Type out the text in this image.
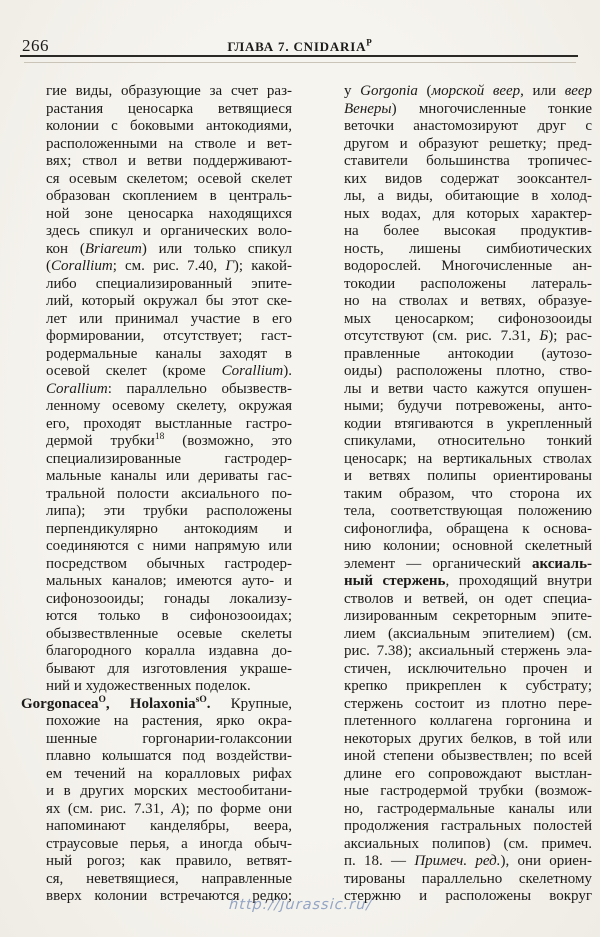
266	ГЛАВА 7. $CNIDARIA^P$
гие виды, образующие за счет раз-
растания ценосарка ветвящиеся
колонии с боковыми антокодиями,
расположенными на стволе и вет-
вях; ствол и ветви поддерживают-
ся осевым скелетом; осевой скелет
образован скоплением в централь-
ной зоне ценосарка находящихся
здесь спикул и органических воло-
кон (Briareum) или только спикул
(Corallium; см. рис. 7.40, Г); какой-
либо специализированный эпите-
лий, который окружал бы этот ске-
лет или принимал участие в его
формировании, отсутствует; гаст-
родермальные каналы заходят в
осевой скелет (кроме Corallium).
Corallium: параллельно обызвеств-
ленному осевому скелету, окружая
его, проходят выстланные гастро-
дермой трубки$^{18}$ (возможно, это
специализированные гастродер-
мальные каналы или дериваты гас-
тральной полости аксиального по-
липа); эти трубки расположены
перпендикулярно антокодиям и
соединяются с ними напрямую или
посредством обычных гастродер-
мальных каналов; имеются ауто- и
сифонозооиды; гонады локализу-
ются только в сифонозооидах;
обызвествленные осевые скелеты
благородного коралла издавна до-
бывают для изготовления украше-
ний и художественных поделок.
Gorgonacea$^O$, Holaxonia$^{sO}$. Крупные,
похожие на растения, ярко окра-
шенные горгонарии-голаксонии
плавно колышатся под воздействи-
ем течений на коралловых рифах
и в других морских местообитани-
ях (см. рис. 7.31, А); по форме они
напоминают канделябры, веера,
страусовые перья, а иногда обыч-
ный рогоз; как правило, ветвят-
ся, неветвящиеся, направленные
вверх колонии встречаются редко;
у Gorgonia (морской веер, или веер
Венеры) многочисленные тонкие
веточки анастомозируют друг с
другом и образуют решетку; пред-
ставители большинства тропичес-
ких видов содержат зооксантел-
лы, а виды, обитающие в холод-
ных водах, для которых характер-
на более высокая продуктив-
ность, лишены симбиотических
водорослей. Многочисленные ан-
токодии расположены латераль-
но на стволах и ветвях, образуе-
мых ценосарком; сифонозооиды
отсутствуют (см. рис. 7.31, Б); рас-
правленные антокодии (аутозо-
оиды) расположены плотно, ство-
лы и ветви часто кажутся опушен-
ными; будучи потревожены, анто-
кодии втягиваются в укрепленный
спикулами, относительно тонкий
ценосарк; на вертикальных стволах
и ветвях полипы ориентированы
таким образом, что сторона их
тела, соответствующая положению
сифоноглифа, обращена к основа-
нию колонии; основной скелетный
элемент — органический аксиаль-
ный стержень, проходящий внутри
стволов и ветвей, он одет специа-
лизированным секреторным эпите-
лием (аксиальным эпителием) (см.
рис. 7.38); аксиальный стержень эла-
стичен, исключительно прочен и
крепко прикреплен к субстрату;
стержень состоит из плотно пере-
плетенного коллагена горгонина и
некоторых других белков, в той или
иной степени обызвествлен; по всей
длине его сопровождают выстлан-
ные гастродермой трубки (возмож-
но, гастродермальные каналы или
продолжения гастральных полостей
аксиальных полипов) (см. примеч.
п. 18. — Примеч. ред.), они ориен-
тированы параллельно скелетному
стержню и расположены вокруг
http://jurassic.ru/
